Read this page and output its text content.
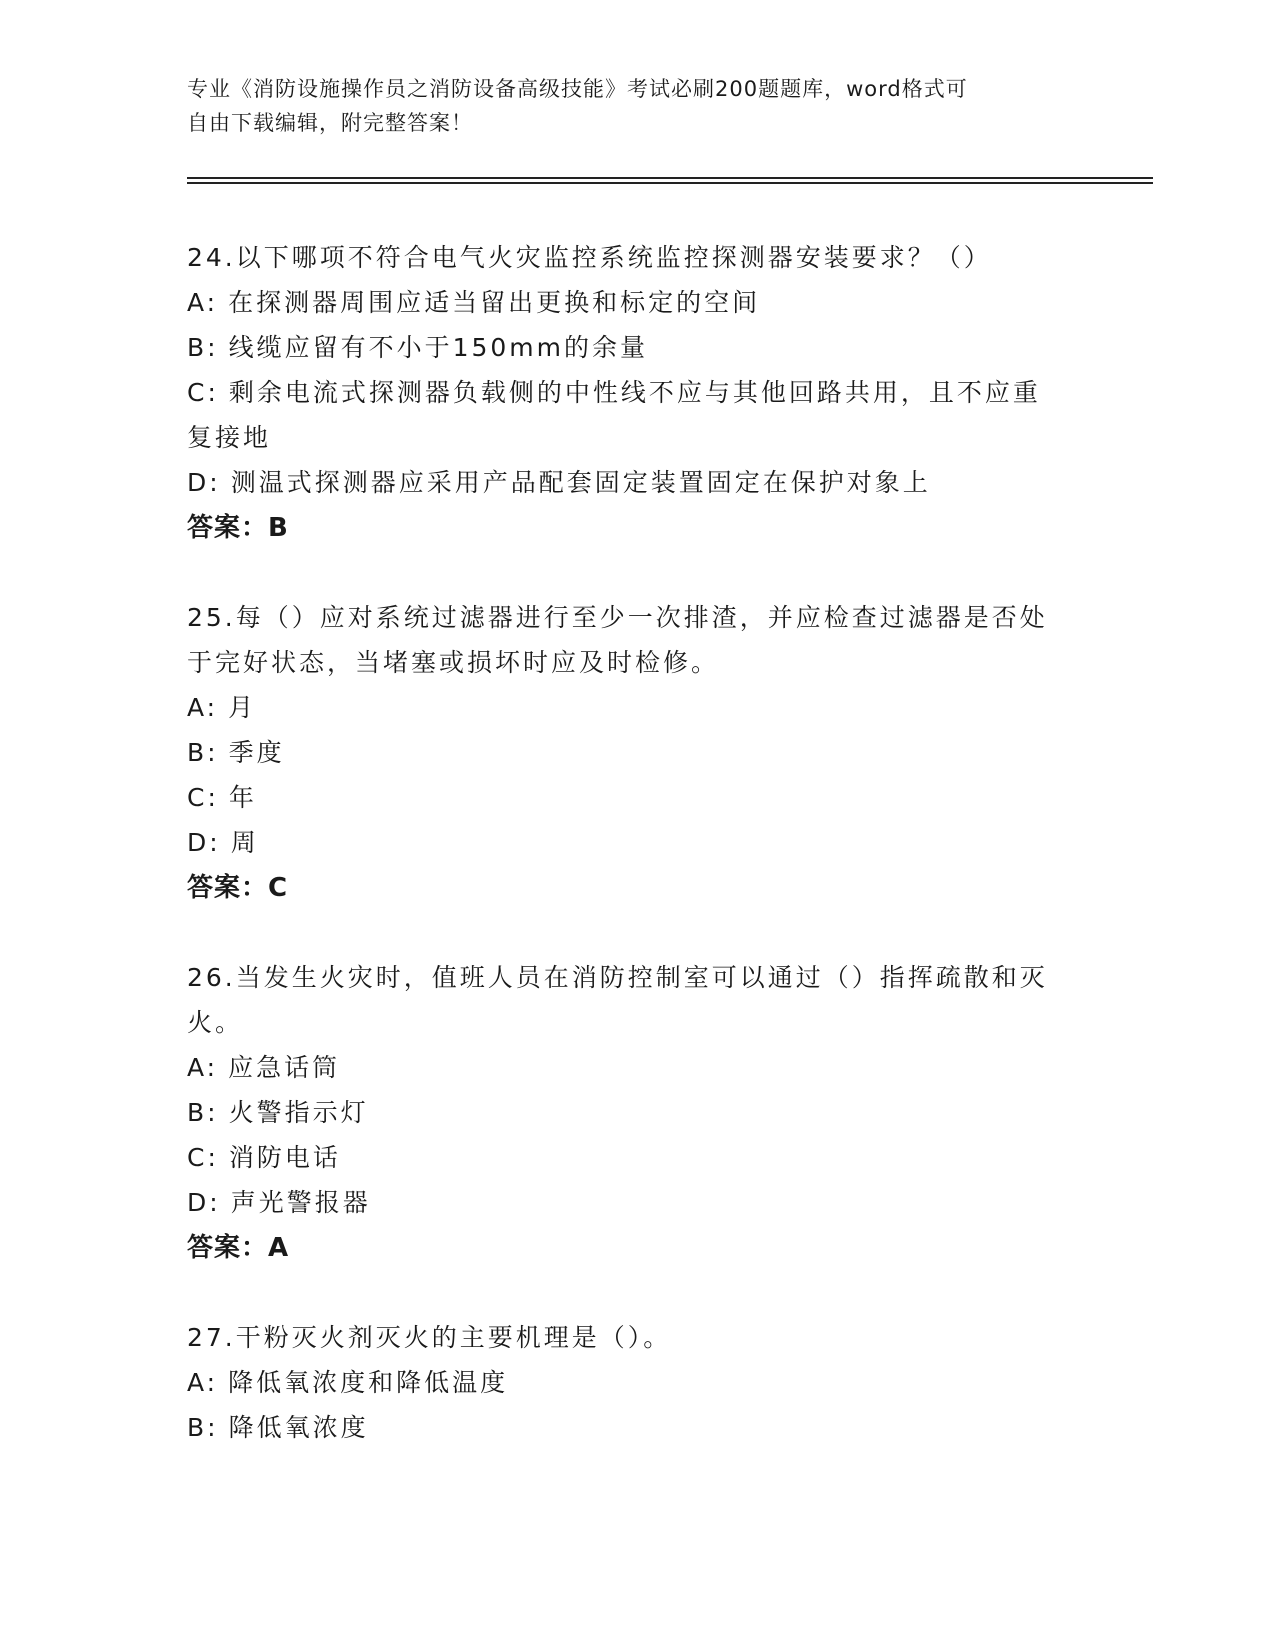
专业《消防设施操作员之消防设备高级技能》考试必刷200题题库，word格式可
自由下载编辑，附完整答案！
24.以下哪项不符合电气火灾监控系统监控探测器安装要求？（）
A: 在探测器周围应适当留出更换和标定的空间
B: 线缆应留有不小于150mm的余量
C: 剩余电流式探测器负载侧的中性线不应与其他回路共用，且不应重复接地
D: 测温式探测器应采用产品配套固定装置固定在保护对象上
答案：B
25.每（）应对系统过滤器进行至少一次排渣，并应检查过滤器是否处于完好状态，当堵塞或损坏时应及时检修。
A: 月
B: 季度
C: 年
D: 周
答案：C
26.当发生火灾时，值班人员在消防控制室可以通过（）指挥疏散和灭火。
A: 应急话筒
B: 火警指示灯
C: 消防电话
D: 声光警报器
答案：A
27.干粉灭火剂灭火的主要机理是（）。
A: 降低氧浓度和降低温度
B: 降低氧浓度
